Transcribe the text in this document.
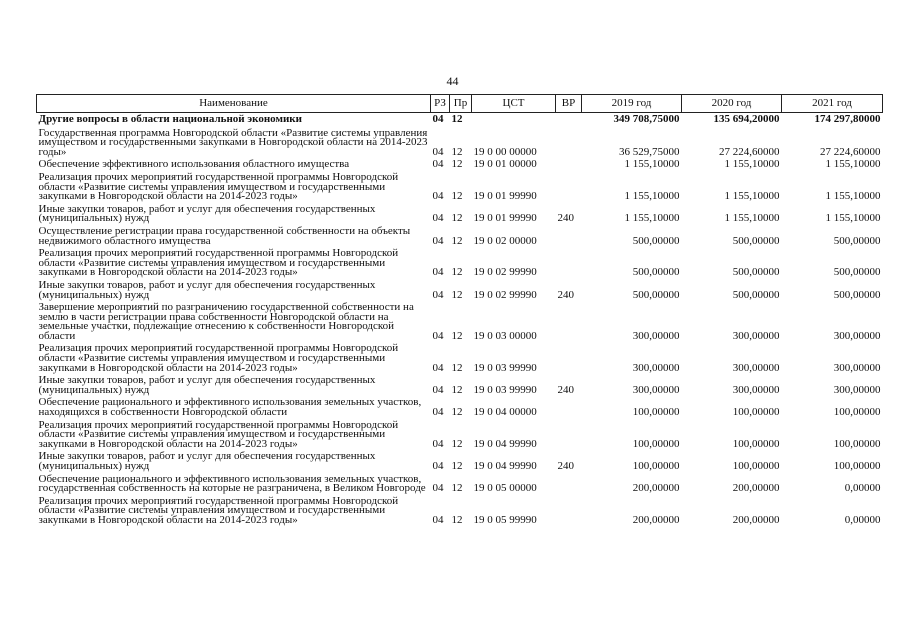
44
Наименование	РЗ	Пр	ЦСТ	ВР	2019 год	2020 год	2021 год
Другие вопросы в области национальной экономики	04	12			349 708,75000	135 694,20000	174 297,80000
Государственная программа Новгородской области «Развитие системы управления имуществом и государственными закупками в Новгородской области на 2014-2023 годы»	04	12	19 0 00 00000		36 529,75000	27 224,60000	27 224,60000
Обеспечение эффективного использования областного имущества	04	12	19 0 01 00000		1 155,10000	1 155,10000	1 155,10000
Реализация прочих мероприятий государственной программы Новгородской области «Развитие системы управления имуществом и государственными закупками в Новгородской области на 2014-2023 годы»	04	12	19 0 01 99990		1 155,10000	1 155,10000	1 155,10000
Иные закупки товаров, работ и услуг для обеспечения государственных (муниципальных) нужд	04	12	19 0 01 99990	240	1 155,10000	1 155,10000	1 155,10000
Осуществление регистрации права государственной собственности на объекты недвижимого областного имущества	04	12	19 0 02 00000		500,00000	500,00000	500,00000
Реализация прочих мероприятий государственной программы Новгородской области «Развитие системы управления имуществом и государственными закупками в Новгородской области на 2014-2023 годы»	04	12	19 0 02 99990		500,00000	500,00000	500,00000
Иные закупки товаров, работ и услуг для обеспечения государственных (муниципальных) нужд	04	12	19 0 02 99990	240	500,00000	500,00000	500,00000
Завершение мероприятий по разграничению государственной собственности на землю в части регистрации права собственности Новгородской области на земельные участки, подлежащие отнесению к собственности Новгородской области	04	12	19 0 03 00000		300,00000	300,00000	300,00000
Реализация прочих мероприятий государственной программы Новгородской области «Развитие системы управления имуществом и государственными закупками в Новгородской области на 2014-2023 годы»	04	12	19 0 03 99990		300,00000	300,00000	300,00000
Иные закупки товаров, работ и услуг для обеспечения государственных (муниципальных) нужд	04	12	19 0 03 99990	240	300,00000	300,00000	300,00000
Обеспечение рационального и эффективного использования земельных участков, находящихся в собственности Новгородской области	04	12	19 0 04 00000		100,00000	100,00000	100,00000
Реализация прочих мероприятий государственной программы Новгородской области «Развитие системы управления имуществом и государственными закупками в Новгородской области на 2014-2023 годы»	04	12	19 0 04 99990		100,00000	100,00000	100,00000
Иные закупки товаров, работ и услуг для обеспечения государственных (муниципальных) нужд	04	12	19 0 04 99990	240	100,00000	100,00000	100,00000
Обеспечение рационального и эффективного использования земельных участков, государственная собственность на которые не разграничена, в Великом Новгороде	04	12	19 0 05 00000		200,00000	200,00000	0,00000
Реализация прочих мероприятий государственной программы Новгородской области «Развитие системы управления имуществом и государственными закупками в Новгородской области на 2014-2023 годы»	04	12	19 0 05 99990		200,00000	200,00000	0,00000
